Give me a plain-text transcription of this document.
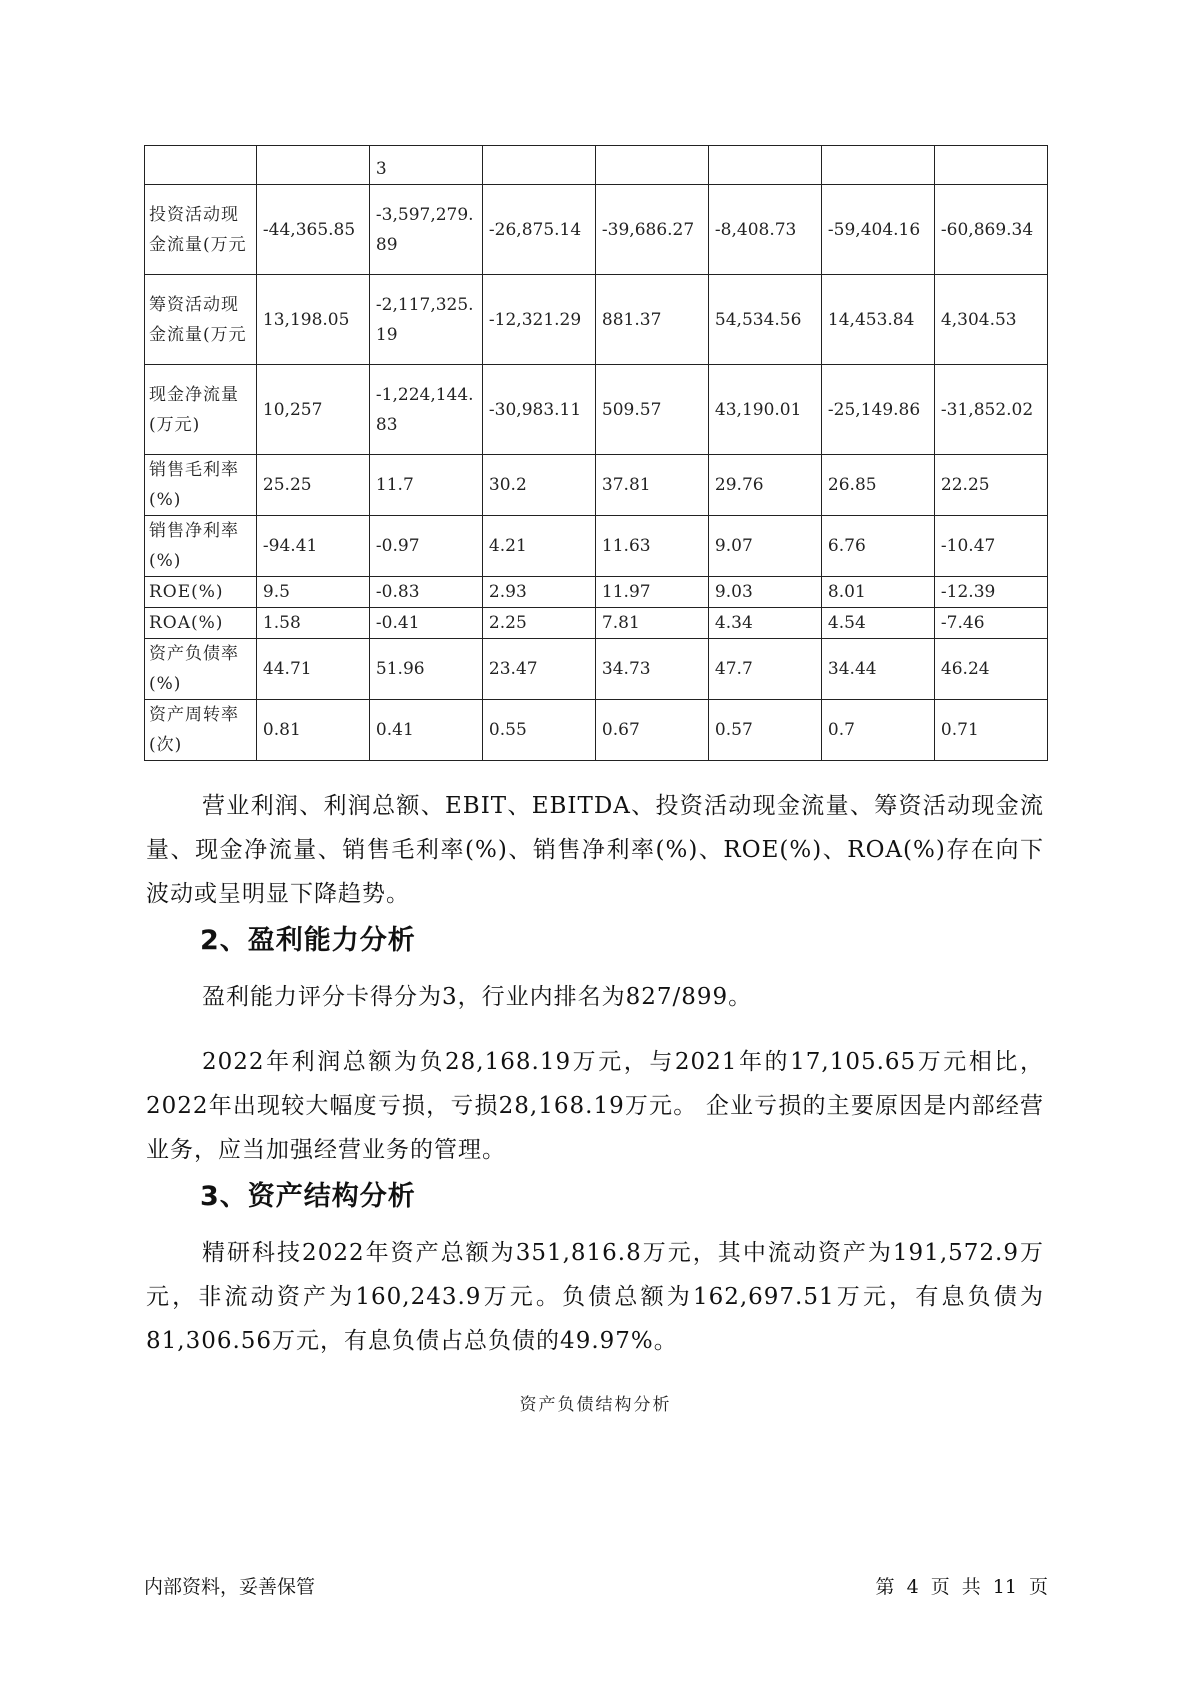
		3					
投资活动现金流量(万元	-44,365.85	-3,597,279.89	-26,875.14	-39,686.27	-8,408.73	-59,404.16	-60,869.34
筹资活动现金流量(万元	13,198.05	-2,117,325.19	-12,321.29	881.37	54,534.56	14,453.84	4,304.53
现金净流量(万元)	10,257	-1,224,144.83	-30,983.11	509.57	43,190.01	-25,149.86	-31,852.02
销售毛利率(%)	25.25	11.7	30.2	37.81	29.76	26.85	22.25
销售净利率(%)	-94.41	-0.97	4.21	11.63	9.07	6.76	-10.47
ROE(%)	9.5	-0.83	2.93	11.97	9.03	8.01	-12.39
ROA(%)	1.58	-0.41	2.25	7.81	4.34	4.54	-7.46
资产负债率(%)	44.71	51.96	23.47	34.73	47.7	34.44	46.24
资产周转率(次)	0.81	0.41	0.55	0.67	0.57	0.7	0.71
营业利润、利润总额、EBIT、EBITDA、投资活动现金流量、筹资活动现金流量、现金净流量、销售毛利率(%)、销售净利率(%)、ROE(%)、ROA(%)存在向下波动或呈明显下降趋势。
2、盈利能力分析
盈利能力评分卡得分为3，行业内排名为827/899。
2022年利润总额为负28,168.19万元，与2021年的17,105.65万元相比，2022年出现较大幅度亏损，亏损28,168.19万元。 企业亏损的主要原因是内部经营业务，应当加强经营业务的管理。
3、资产结构分析
精研科技2022年资产总额为351,816.8万元，其中流动资产为191,572.9万元，非流动资产为160,243.9万元。负债总额为162,697.51万元，有息负债为81,306.56万元，有息负债占总负债的49.97%。
资产负债结构分析
内部资料，妥善保管	第 4 页 共 11 页
